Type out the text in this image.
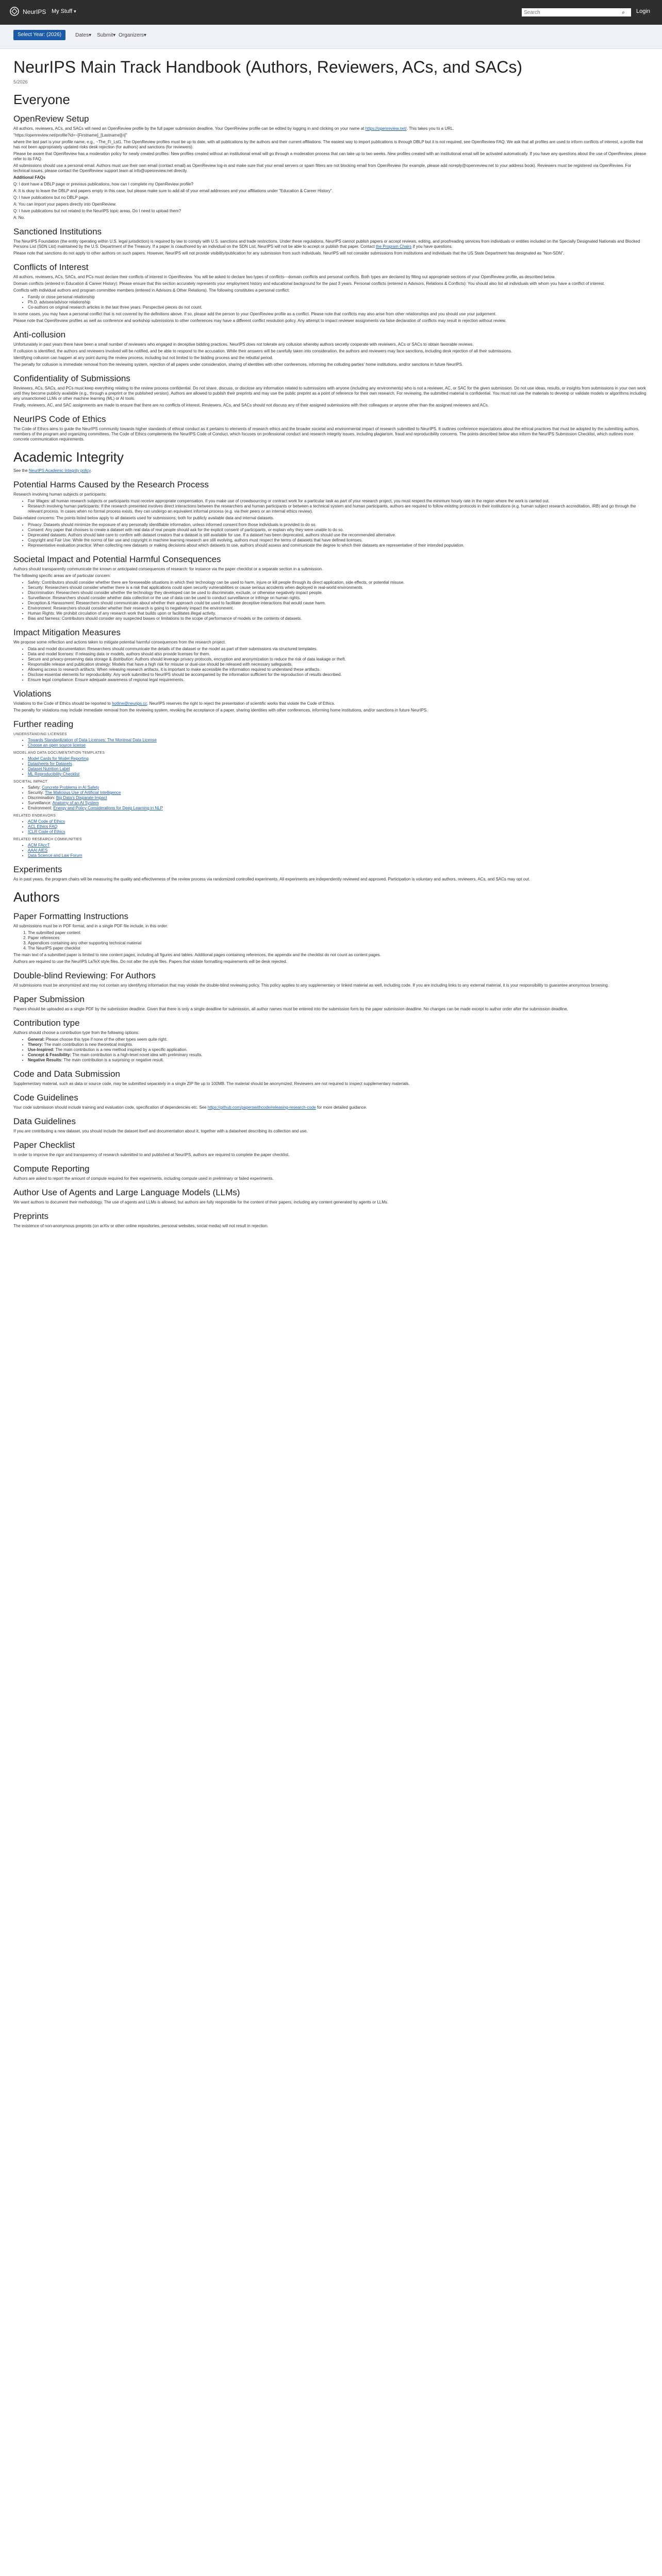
NeurIPS My Stuff ▾
Search	⌕	Login
Select Year: (2026)	Dates▾ Submit▾ Organizers▾
NeurIPS Main Track Handbook (Authors, Reviewers, ACs, and SACs)
5/2026
Everyone
OpenReview Setup

All authors, reviewers, ACs, and SACs will need an OpenReview profile by the full paper submission deadline. Your OpenReview profile can be edited by logging in and clicking on your name at https://openreview.net/. This takes you to a URL.

"https://openreview.net/profile?id=~[Firstname]_[Lastname][n]"

where the last part is your profile name, e.g., ~The_Fi_Lst1. The OpenReview profiles must be up to date, with all publications by the authors and their current affiliations. The easiest way to import publications is through DBLP but it is not required, see OpenReview FAQ. We ask that all profiles are used to inform conflicts of interest, a profile that has not been appropriately updated risks desk rejection (for authors) and sanctions (for reviewers).

Please be aware that OpenReview has a moderation policy for newly created profiles: New profiles created without an institutional email will go through a moderation process that can take up to two weeks. New profiles created with an institutional email will be activated automatically. If you have any questions about the use of OpenReview, please refer to its FAQ.

All submissions should use a personal email. Authors must use their own email (contact email) as OpenReview log-in and make sure that your email servers or spam filters are not blocking email from OpenReview (for example, please add noreply@openreview.net to your address book). Reviewers must be registered via OpenReview. For technical issues, please contact the OpenReview support team at info@openreview.net directly.

Additional FAQs

Q: I dont have a DBLP page or previous publications, how can I complete my OpenReview profile?

A: It is okay to leave the DBLP and papers empty in this case, but please make sure to add all of your email addresses and your affiliations under "Education & Career History".

Q: I have publications but no DBLP page.

A: You can import your papers directly into OpenReview.

Q: I have publications but not related to the NeurIPS topic areas. Do I need to upload them?

A: No.

Sanctioned Institutions

The NeurIPS Foundation (the entity operating within U.S. legal jurisdiction) is required by law to comply with U.S. sanctions and trade restrictions. Under these regulations, NeurIPS cannot publish papers or accept reviews, editing, and proofreading services from individuals or entities included on the Specially Designated Nationals and Blocked Persons List (SDN List) maintained by the U.S. Department of the Treasury. If a paper is coauthored by an individual on the SDN List, NeurIPS will not be able to accept or publish that paper. Contact the Program Chairs if you have questions.

Please note that sanctions do not apply to other authors on such papers. However, NeurIPS will not provide visibility/publication for any submission from such individuals. NeurIPS will not consider submissions from institutions and individuals that the US State Department has designated as "Non-SDN".

Conflicts of Interest

All authors, reviewers, ACs, SACs, and PCs must declare their conflicts of interest in OpenReview. You will be asked to declare two types of conflicts—domain conflicts and personal conflicts. Both types are declared by filling out appropriate sections of your OpenReview profile, as described below.

Domain conflicts (entered in Education & Career History): Please ensure that this section accurately represents your employment history and educational background for the past 3 years. Personal conflicts (entered in Advisors, Relations & Conflicts): You should also list all individuals with whom you have a conflict of interest.

Conflicts with individual authors and program committee members (entered in Advisors & Other Relations). The following constitutes a personal conflict:

• Family or close personal relationship
• Ph.D. advisee/advisor relationship
• Co-authors on original research articles in the last three years. Perspective pieces do not count.

In some cases, you may have a personal conflict that is not covered by the definitions above. If so, please add the person to your OpenReview profile as a conflict. Please note that conflicts may also arise from other relationships and you should use your judgement.

Please note that OpenReview profiles as well as conference and workshop submissions to other conferences may have a different conflict resolution policy. Any attempt to impact reviewer assignments via false declaration of conflicts may result in rejection without review.

Anti-collusion

Unfortunately in past years there have been a small number of reviewers who engaged in deceptive bidding practices. NeurIPS does not tolerate any collusion whereby authors secretly cooperate with reviewers, ACs or SACs to obtain favorable reviews.

If collusion is identified, the authors and reviewers involved will be notified, and be able to respond to the accusation. While their answers will be carefully taken into consideration, the authors and reviewers may face sanctions, including desk rejection of all their submissions.

Identifying collusion can happen at any point during the review process, including but not limited to the bidding process and the rebuttal period.

The penalty for collusion is immediate removal from the reviewing system, rejection of all papers under consideration, sharing of identities with other conferences, informing the colluding parties' home institutions, and/or sanctions in future NeurIPS.

Confidentiality of Submissions

Reviewers, ACs, SACs, and PCs must keep everything relating to the review process confidential. Do not share, discuss, or disclose any information related to submissions with anyone (including any environments) who is not a reviewer, AC, or SAC for the given submission. Do not use ideas, results, or insights from submissions in your own work until they become publicly available (e.g., through a preprint or the published version). Authors are allowed to publish their preprints and may use the public preprint as a point of reference for their own research. For reviewing, the submitted material is confidential. You must not use the materials to develop or validate models or algorithms including any unsanctioned LLMs or other machine learning (ML) or AI tools.

Finally, reviewers, AC, and SAC assignments are made to ensure that there are no conflicts of interest. Reviewers, ACs, and SACs should not discuss any of their assigned submissions with their colleagues or anyone other than the assigned reviewers and ACs.

NeurIPS Code of Ethics

The Code of Ethics aims to guide the NeurIPS community towards higher standards of ethical conduct as it pertains to elements of research ethics and the broader societal and environmental impact of research submitted to NeurIPS. It outlines conference expectations about the ethical practices that must be adopted by the submitting authors, members of the program and organizing committees. The Code of Ethics complements the NeurIPS Code of Conduct, which focuses on professional conduct and research integrity issues, including plagiarism, fraud and reproducibility concerns. The points described below also inform the NeurIPS Submission Checklist, which outlines more concrete communication requirements.

Academic Integrity

See the NeurIPS Academic Integrity policy.

Potential Harms Caused by the Research Process

Research involving human subjects or participants:

• Fair Wages: all human research subjects or participants must receive appropriate compensation. If you make use of crowdsourcing or contract work for a particular task as part of your research project, you must respect the minimum hourly rate in the region where the work is carried out.
• Research involving human participants: If the research presented involves direct interactions between the researchers and human participants or between a technical system and human participants, authors are required to follow existing protocols in their institutions (e.g. human subject research accreditation, IRB) and go through the relevant process. In cases when no formal process exists, they can undergo an equivalent informal process (e.g. via their peers or an internal ethics review).

Data-related concerns: The points listed below apply to all datasets used for submissions, both for publicly available data and internal datasets.

• Privacy: Datasets should minimize the exposure of any personally identifiable information, unless informed consent from those individuals is provided to do so.
• Consent: Any paper that chooses to create a dataset with real data of real people should ask for the explicit consent of participants, or explain why they were unable to do so.
• Deprecated datasets: Authors should take care to confirm with dataset creators that a dataset is still available for use. If a dataset has been deprecated, authors should use the recommended alternative.
• Copyright and Fair Use: While the norms of fair use and copyright in machine learning research are still evolving, authors must respect the terms of datasets that have defined licenses.
• Representative evaluation practice: When collecting new datasets or making decisions about which datasets to use, authors should assess and communicate the degree to which their datasets are representative of their intended population.
Societal Impact and Potential Harmful Consequences

Authors should transparently communicate the known or anticipated consequences of research: for instance via the paper checklist or a separate section in a submission.

The following specific areas are of particular concern:

• Safety: Contributors should consider whether there are foreseeable situations in which their technology can be used to harm, injure or kill people through its direct application, side effects, or potential misuse.
• Security: Researchers should consider whether there is a risk that applications could open security vulnerabilities or cause serious accidents when deployed in real-world environments.
• Discrimination: Researchers should consider whether the technology they developed can be used to discriminate, exclude, or otherwise negatively impact people.
• Surveillance: Researchers should consider whether data collection or the use of data can be used to conduct surveillance or infringe on human rights.
• Deception & Harassment: Researchers should communicate about whether their approach could be used to facilitate deceptive interactions that would cause harm.
• Environment: Researchers should consider whether their research is going to negatively impact the environment.
• Human Rights: We prohibit circulation of any research work that builds upon or facilitates illegal activity.
• Bias and fairness: Contributors should consider any suspected biases or limitations to the scope of performance of models or the contents of datasets.
Impact Mitigation Measures

We propose some reflection and actions taken to mitigate potential harmful consequences from the research project.

• Data and model documentation: Researchers should communicate the details of the dataset or the model as part of their submissions via structured templates.
• Data and model licenses: If releasing data or models, authors should also provide licenses for them.
• Secure and privacy-preserving data storage & distribution: Authors should leverage privacy protocols, encryption and anonymization to reduce the risk of data leakage or theft.
• Responsible release and publication strategy: Models that have a high risk for misuse or dual-use should be released with necessary safeguards.
• Allowing access to research artifacts: When releasing research artifacts, it is important to make accessible the information required to understand these artifacts.
• Disclose essential elements for reproducibility: Any work submitted to NeurIPS should be accompanied by the information sufficient for the reproduction of results described.
• Ensure legal compliance: Ensure adequate awareness of regional legal requirements.
Violations

Violations to the Code of Ethics should be reported to hotline@neurips.cc. NeurIPS reserves the right to reject the presentation of scientific works that violate the Code of Ethics.

The penalty for violations may include immediate removal from the reviewing system, revoking the acceptance of a paper, sharing identities with other conferences, informing home institutions, and/or sanctions in future NeurIPS.

Further reading
UNDERSTANDING LICENSES
• Towards Standardization of Data Licenses: The Montreal Data License
• Choose an open source license
MODEL AND DATA DOCUMENTATION TEMPLATES
• Model Cards for Model Reporting
• Datasheets for Datasets
• Dataset Nutrition Label
• ML Reproducibility Checklist
SOCIETAL IMPACT
• Safety: Concrete Problems in AI Safety
• Security: The Malicious Use of Artificial Intelligence
• Discrimination: Big Data's Disparate Impact
• Surveillance: Anatomy of an AI System
• Environment: Energy and Policy Considerations for Deep Learning in NLP
RELATED ENDEAVORS
• ACM Code of Ethics
• ACL Ethics FAQ
• ICLR Code of Ethics
RELATED RESEARCH COMMUNITIES
• ACM FAccT
• AAAI AIES
• Data Science and Law Forum
Experiments

As in past years, the program chairs will be measuring the quality and effectiveness of the review process via randomized controlled experiments. All experiments are independently reviewed and approved. Participation is voluntary and authors, reviewers, ACs, and SACs may opt out.

Authors
Paper Formatting Instructions

All submissions must be in PDF format, and in a single PDF file include, in this order:

1. The submitted paper content
2. Paper references
3. Appendices containing any other supporting technical material
4. The NeurIPS paper checklist

The main text of a submitted paper is limited to nine content pages, including all figures and tables. Additional pages containing references, the appendix and the checklist do not count as content pages.

Authors are required to use the NeurIPS LaTeX style files. Do not alter the style files. Papers that violate formatting requirements will be desk rejected.

Double-blind Reviewing: For Authors

All submissions must be anonymized and may not contain any identifying information that may violate the double-blind reviewing policy. This policy applies to any supplementary or linked material as well, including code. If you are including links to any external material, it is your responsibility to guarantee anonymous browsing.

Paper Submission

Papers should be uploaded as a single PDF by the submission deadline. Given that there is only a single deadline for submission, all author names must be entered into the submission form by the paper submission deadline. No changes can be made except to author order after the submission deadline.

Contribution type

Authors should choose a contribution type from the following options:

• General: Please choose this type if none of the other types seem quite right.
• Theory: The main contribution is new theoretical insights.
• Use-Inspired: The main contribution is a new method inspired by a specific application.
• Concept & Feasibility: The main contribution is a high-level novel idea with preliminary results.
• Negative Results: The main contribution is a surprising or negative result.
Code and Data Submission

Supplementary material, such as data or source code, may be submitted separately in a single ZIP file up to 100MB. The material should be anonymized; Reviewers are not required to inspect supplementary materials.

Code Guidelines

Your code submission should include training and evaluation code, specification of dependencies etc. See https://github.com/paperswithcode/releasing-research-code for more detailed guidance.

Data Guidelines

If you are contributing a new dataset, you should include the dataset itself and documentation about it, together with a datasheet describing its collection and use.

Paper Checklist

In order to improve the rigor and transparency of research submitted to and published at NeurIPS, authors are required to complete the paper checklist.

Compute Reporting

Authors are asked to report the amount of compute required for their experiments, including compute used in preliminary or failed experiments.

Author Use of Agents and Large Language Models (LLMs)

We want authors to document their methodology. The use of agents and LLMs is allowed, but authors are fully responsible for the content of their papers, including any content generated by agents or LLMs.

Preprints

The existence of non-anonymous preprints (on arXiv or other online repositories, personal websites, social media) will not result in rejection.
